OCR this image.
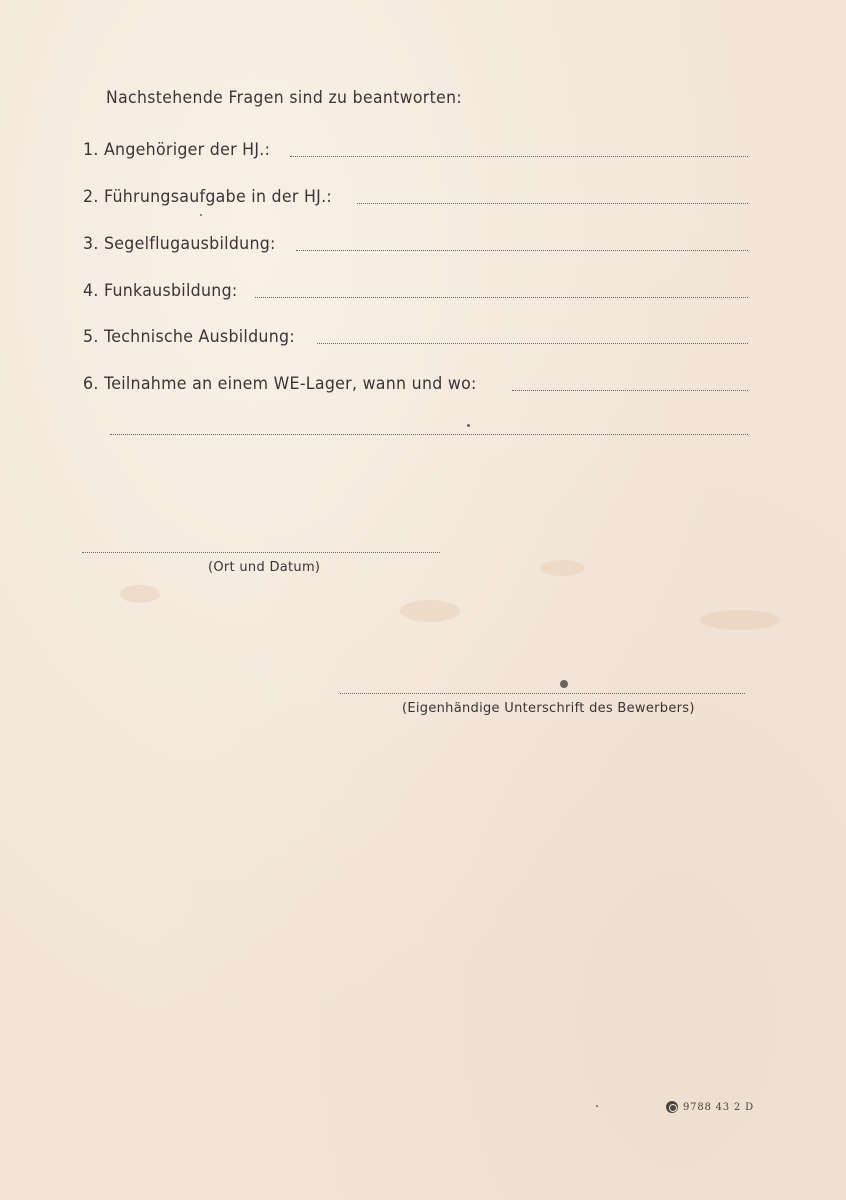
Nachstehende Fragen sind zu beantworten:
1. Angehöriger der HJ.:
2. Führungsaufgabe in der HJ.:
3. Segelflugausbildung:
4. Funkausbildung:
5. Technische Ausbildung:
6. Teilnahme an einem WE-Lager, wann und wo:
(Ort und Datum)
(Eigenhändige Unterschrift des Bewerbers)
9788 43 2 D
